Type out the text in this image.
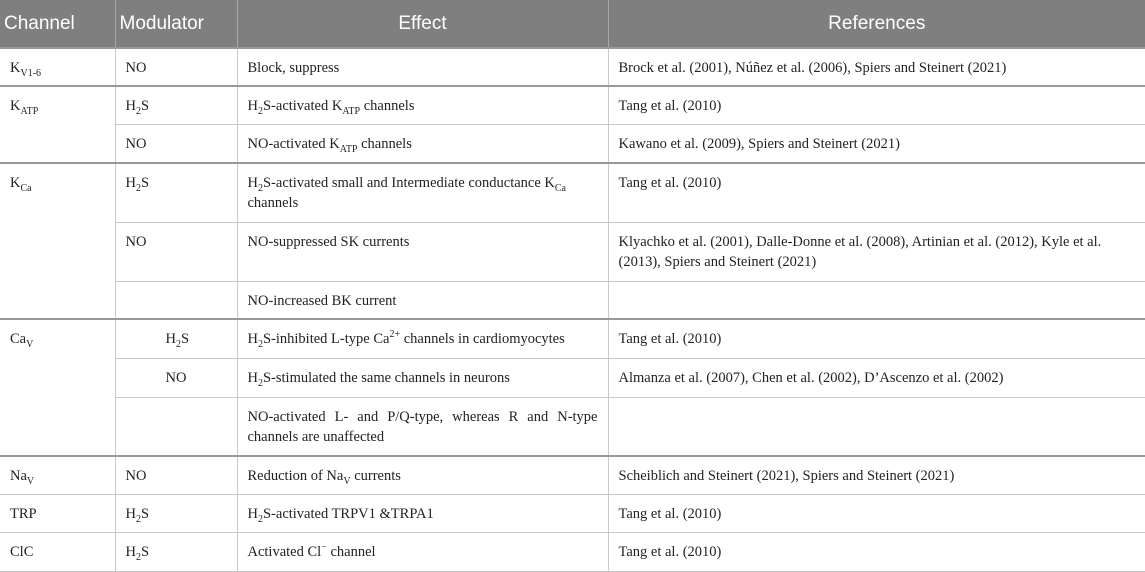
Channel	Modulator	Effect	References
$K_{V1-6}$	NO	Block, suppress	Brock et al. (2001), Núñez et al. (2006), Spiers and Steinert (2021)
$K_{ATP}$	$H_2S$	$H_2S$-activated $K_{ATP}$ channels	Tang et al. (2010)
	NO	NO-activated $K_{ATP}$ channels	Kawano et al. (2009), Spiers and Steinert (2021)
$K_{Ca}$	$H_2S$	$H_2S$-activated small and Intermediate conductance $K_{Ca}$ channels	Tang et al. (2010)
	NO	NO-suppressed SK currents	Klyachko et al. (2001), Dalle-Donne et al. (2008), Artinian et al. (2012), Kyle et al. (2013), Spiers and Steinert (2021)
		NO-increased BK current	
$Ca_V$	$H_2S$	$H_2S$-inhibited L-type $Ca^{2+}$ channels in cardiomyocytes	Tang et al. (2010)
	NO	$H_2S$-stimulated the same channels in neurons	Almanza et al. (2007), Chen et al. (2002), D’Ascenzo et al. (2002)
		NO-activated L- and P/Q-type, whereas R and N-type channels are unaffected	
$Na_V$	NO	Reduction of $Na_V$ currents	Scheiblich and Steinert (2021), Spiers and Steinert (2021)
TRP	$H_2S$	$H_2S$-activated TRPV1 &TRPA1	Tang et al. (2010)
ClC	$H_2S$	Activated Cl− channel	Tang et al. (2010)
